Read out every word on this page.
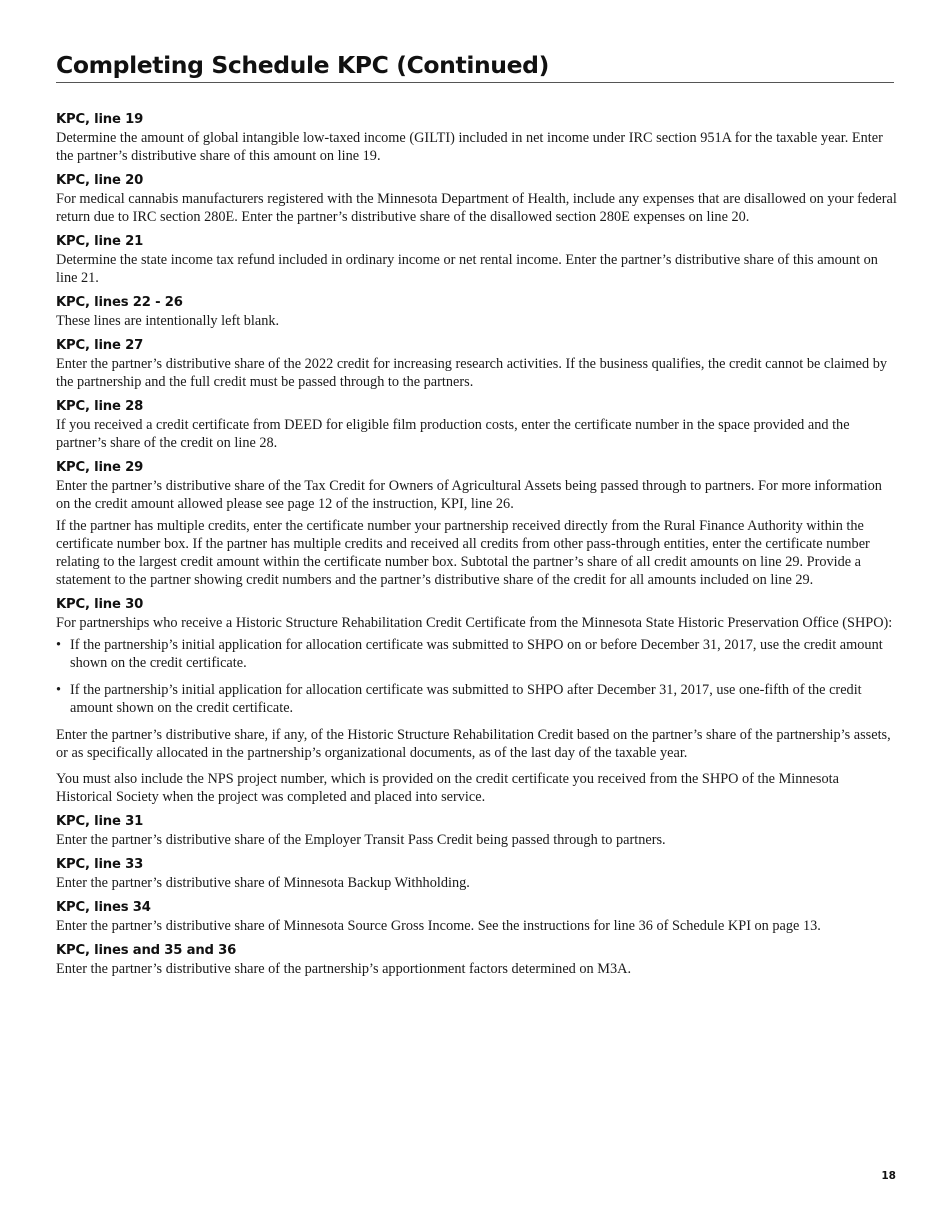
Completing Schedule KPC (Continued)
KPC, line 19

Determine the amount of global intangible low-taxed income (GILTI) included in net income under IRC section 951A for the taxable year. Enter the partner’s distributive share of this amount on line 19.

KPC, line 20

For medical cannabis manufacturers registered with the Minnesota Department of Health, include any expenses that are disallowed on your federal return due to IRC section 280E. Enter the partner’s distributive share of the disallowed section 280E expenses on line 20.

KPC, line 21

Determine the state income tax refund included in ordinary income or net rental income. Enter the partner’s distributive share of this amount on line 21.

KPC, lines 22 - 26

These lines are intentionally left blank.

KPC, line 27

Enter the partner’s distributive share of the 2022 credit for increasing research activities. If the business qualifies, the credit cannot be claimed by the partnership and the full credit must be passed through to the partners.

KPC, line 28

If you received a credit certificate from DEED for eligible film production costs, enter the certificate number in the space provided and the partner’s share of the credit on line 28.

KPC, line 29

Enter the partner’s distributive share of the Tax Credit for Owners of Agricultural Assets being passed through to partners. For more information on the credit amount allowed please see page 12 of the instruction, KPI, line 26.

If the partner has multiple credits, enter the certificate number your partnership received directly from the Rural Finance Authority within the certificate number box. If the partner has multiple credits and received all credits from other pass-through entities, enter the certificate number relating to the largest credit amount within the certificate number box. Subtotal the partner’s share of all credit amounts on line 29. Provide a statement to the partner showing credit numbers and the partner’s distributive share of the credit for all amounts included on line 29.

KPC, line 30

For partnerships who receive a Historic Structure Rehabilitation Credit Certificate from the Minnesota State Historic Preservation Office (SHPO):

• If the partnership’s initial application for allocation certificate was submitted to SHPO on or before December 31, 2017, use the credit amount shown on the credit certificate.
• If the partnership’s initial application for allocation certificate was submitted to SHPO after December 31, 2017, use one-fifth of the credit amount shown on the credit certificate.

Enter the partner’s distributive share, if any, of the Historic Structure Rehabilitation Credit based on the partner’s share of the partnership’s assets, or as specifically allocated in the partnership’s organizational documents, as of the last day of the taxable year.

You must also include the NPS project number, which is provided on the credit certificate you received from the SHPO of the Minnesota Historical Society when the project was completed and placed into service.

KPC, line 31

Enter the partner’s distributive share of the Employer Transit Pass Credit being passed through to partners.

KPC, line 33

Enter the partner’s distributive share of Minnesota Backup Withholding.

KPC, lines 34

Enter the partner’s distributive share of Minnesota Source Gross Income. See the instructions for line 36 of Schedule KPI on page 13.

KPC, lines and 35 and 36

Enter the partner’s distributive share of the partnership’s apportionment factors determined on M3A.

18
